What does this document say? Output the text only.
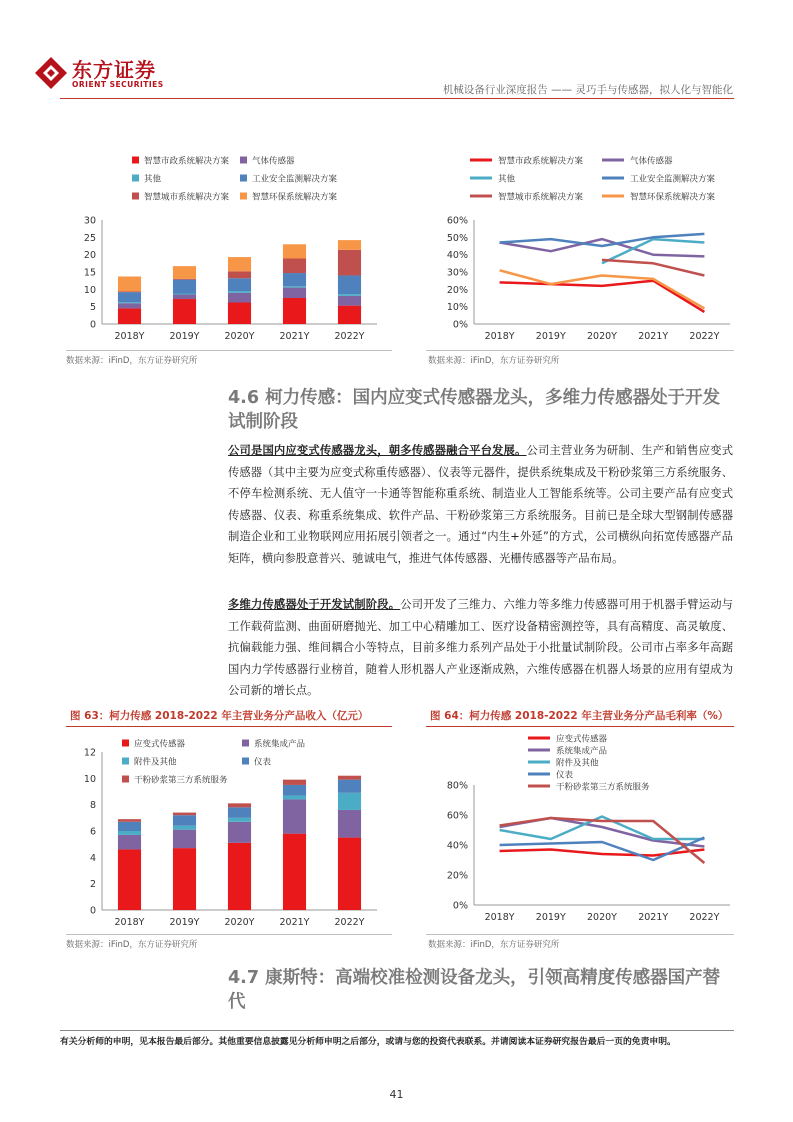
东方证券
ORIENT SECURITIES	机械设备行业深度报告 —— 灵巧手与传感器，拟人化与智能化
智慧市政系统解决方案	气体传感器
其他	工业安全监测解决方案
智慧城市系统解决方案	智慧环保系统解决方案
0
5
10
15
20
25
30
2018Y	2019Y	2020Y	2021Y	2022Y
智慧市政系统解决方案	气体传感器
其他	工业安全监测解决方案
智慧城市系统解决方案	智慧环保系统解决方案
0%
10%
20%
30%
40%
50%
60%
2018Y 2019Y 2020Y 2021Y 2022Y
数据来源：iFinD，东方证券研究所	数据来源：iFinD，东方证券研究所
4.6 柯力传感：国内应变式传感器龙头，多维力传感器处于开发试制阶段
公司是国内应变式传感器龙头，朝多传感器融合平台发展。公司主营业务为研制、生产和销售应变式传感器（其中主要为应变式称重传感器）、仪表等元器件，提供系统集成及干粉砂浆第三方系统服务、不停车检测系统、无人值守一卡通等智能称重系统、制造业人工智能系统等。公司主要产品有应变式传感器、仪表、称重系统集成、软件产品、干粉砂浆第三方系统服务。目前已是全球大型钢制传感器制造企业和工业物联网应用拓展引领者之一。通过“内生+外延”的方式，公司横纵向拓宽传感器产品矩阵，横向参股意普兴、驰诚电气，推进气体传感器、光栅传感器等产品布局。
多维力传感器处于开发试制阶段。公司开发了三维力、六维力等多维力传感器可用于机器手臂运动与工作载荷监测、曲面研磨抛光、加工中心精雕加工、医疗设备精密测控等，具有高精度、高灵敏度、抗偏载能力强、维间耦合小等特点，目前多维力系列产品处于小批量试制阶段。公司市占率多年高踞国内力学传感器行业榜首，随着人形机器人产业逐渐成熟，六维传感器在机器人场景的应用有望成为公司新的增长点。
图 63：柯力传感 2018-2022 年主营业务分产品收入（亿元）	图 64：柯力传感 2018-2022 年主营业务分产品毛利率（%）
应变式传感器	系统集成产品
附件及其他	仪表
干粉砂浆第三方系统服务
0
2
4
6
8
10
12
2018Y	2019Y	2020Y	2021Y	2022Y
应变式传感器
系统集成产品
附件及其他
仪表
干粉砂浆第三方系统服务
0%
20%
40%
60%
80%
2018Y 2019Y 2020Y 2021Y 2022Y
数据来源：iFinD，东方证券研究所	数据来源：iFinD，东方证券研究所
4.7 康斯特：高端校准检测设备龙头，引领高精度传感器国产替代
有关分析师的申明，见本报告最后部分。其他重要信息披露见分析师申明之后部分，或请与您的投资代表联系。并请阅读本证券研究报告最后一页的免责申明。
41
